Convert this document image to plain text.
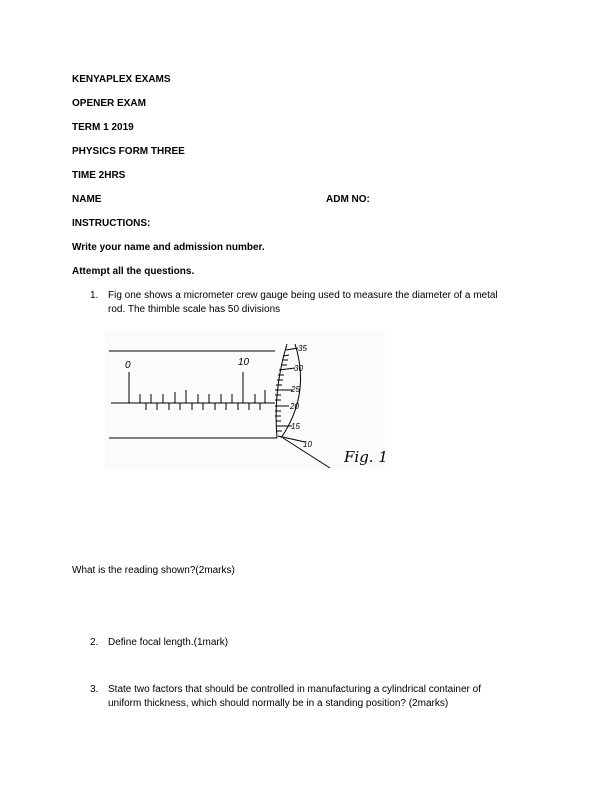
KENYAPLEX EXAMS
OPENER EXAM
TERM 1 2019
PHYSICS FORM THREE
TIME 2HRS
NAME	ADM NO:
INSTRUCTIONS:
Write your name and admission number.
Attempt all the questions.
1. Fig one shows a micrometer crew gauge being used to measure the diameter of a metal
rod. The thimble scale has 50 divisions
0	10
35
30
25
20
15
10
Fig. 1
What is the reading shown?(2marks)
2. Define focal length.(1mark)
3. State two factors that should be controlled in manufacturing a cylindrical container of
uniform thickness, which should normally be in a standing position? (2marks)
